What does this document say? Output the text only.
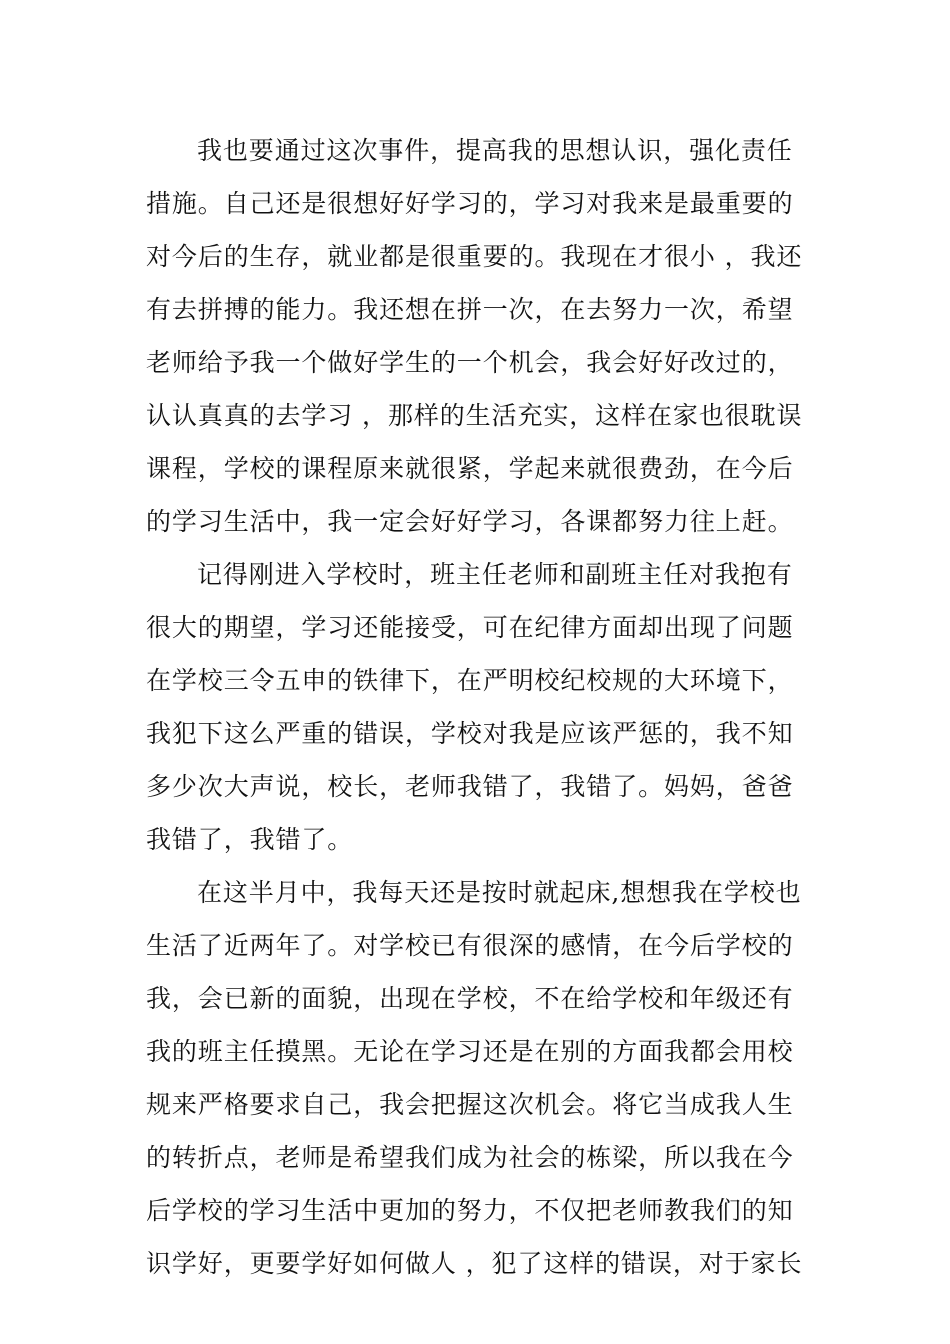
我也要通过这次事件，提高我的思想认识，强化责任
措施。自己还是很想好好学习的，学习对我来是最重要的
对今后的生存，就业都是很重要的。我现在才很小 ，我还
有去拼搏的能力。我还想在拼一次，在去努力一次，希望
老师给予我一个做好学生的一个机会，我会好好改过的，
认认真真的去学习 ，那样的生活充实，这样在家也很耽误
课程，学校的课程原来就很紧，学起来就很费劲，在今后
的学习生活中，我一定会好好学习，各课都努力往上赶。
记得刚进入学校时，班主任老师和副班主任对我抱有
很大的期望，学习还能接受，可在纪律方面却出现了问题
在学校三令五申的铁律下，在严明校纪校规的大环境下，
我犯下这么严重的错误，学校对我是应该严惩的，我不知
多少次大声说，校长，老师我错了，我错了。妈妈，爸爸
我错了，我错了。
在这半月中，我每天还是按时就起床,想想我在学校也
生活了近两年了。对学校已有很深的感情，在今后学校的
我，会已新的面貌，出现在学校，不在给学校和年级还有
我的班主任摸黑。无论在学习还是在别的方面我都会用校
规来严格要求自己，我会把握这次机会。将它当成我人生
的转折点，老师是希望我们成为社会的栋梁，所以我在今
后学校的学习生活中更加的努力，不仅把老师教我们的知
识学好，更要学好如何做人 ，犯了这样的错误，对于家长
